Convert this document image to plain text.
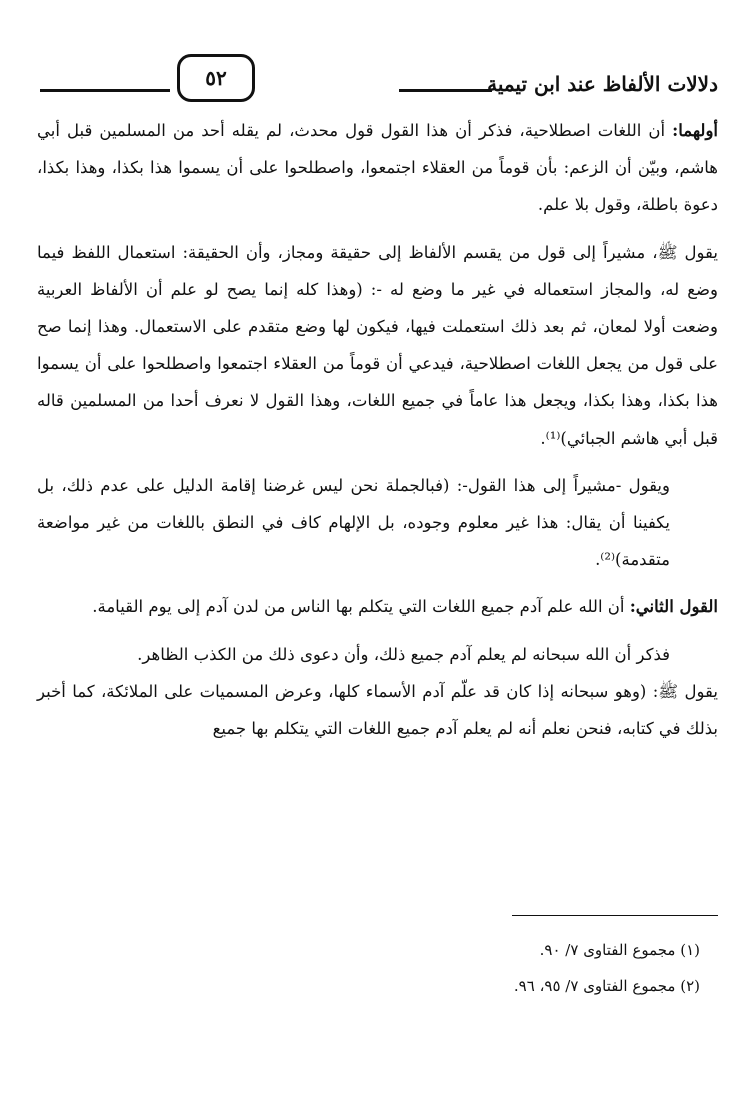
دلالات الألفاظ عند ابن تيمية
٥٢

أولهما: أن اللغات اصطلاحية، فذكر أن هذا القول قول محدث، لم يقله أحد من المسلمين قبل أبي هاشم، وبيّن أن الزعم: بأن قوماً من العقلاء اجتمعوا، واصطلحوا على أن يسموا هذا بكذا، وهذا بكذا، دعوة باطلة، وقول بلا علم.

يقول ﷺ، مشيراً إلى قول من يقسم الألفاظ إلى حقيقة ومجاز، وأن الحقيقة: استعمال اللفظ فيما وضع له، والمجاز استعماله في غير ما وضع له -: (وهذا كله إنما يصح لو علم أن الألفاظ العربية وضعت أولا لمعان، ثم بعد ذلك استعملت فيها، فيكون لها وضع متقدم على الاستعمال. وهذا إنما صح على قول من يجعل اللغات اصطلاحية، فيدعي أن قوماً من العقلاء اجتمعوا واصطلحوا على أن يسموا هذا بكذا، وهذا بكذا، ويجعل هذا عاماً في جميع اللغات، وهذا القول لا نعرف أحدا من المسلمين قاله قبل أبي هاشم الجبائي)⁽¹⁾.

ويقول -مشيراً إلى هذا القول-: (فبالجملة نحن ليس غرضنا إقامة الدليل على عدم ذلك، بل يكفينا أن يقال: هذا غير معلوم وجوده، بل الإلهام كاف في النطق باللغات من غير مواضعة متقدمة)⁽²⁾.

القول الثاني: أن الله علم آدم جميع اللغات التي يتكلم بها الناس من لدن آدم إلى يوم القيامة.

فذكر أن الله سبحانه لم يعلم آدم جميع ذلك، وأن دعوى ذلك من الكذب الظاهر.

يقول ﷺ: (وهو سبحانه إذا كان قد علّم آدم الأسماء كلها، وعرض المسميات على الملائكة، كما أخبر بذلك في كتابه، فنحن نعلم أنه لم يعلم آدم جميع اللغات التي يتكلم بها جميع

(١) مجموع الفتاوى ٧/ ٩٠.

(٢) مجموع الفتاوى ٧/ ٩٥، ٩٦.
